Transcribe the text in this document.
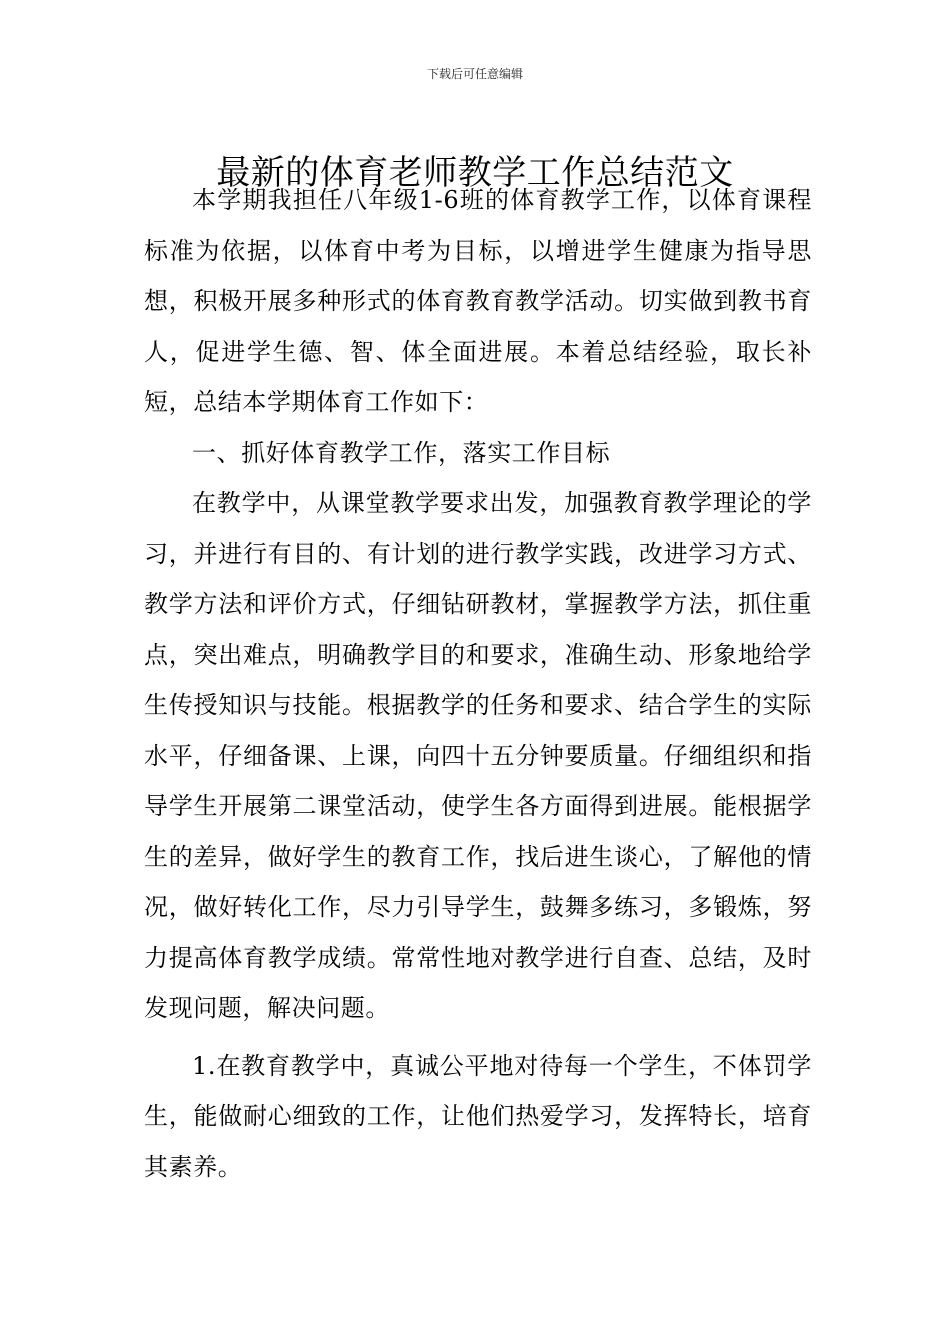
下载后可任意编辑
最新的体育老师教学工作总结范文

本学期我担任八年级1-6班的体育教学工作，以体育课程标准为依据，以体育中考为目标，以增进学生健康为指导思想，积极开展多种形式的体育教育教学活动。切实做到教书育人，促进学生德、智、体全面进展。本着总结经验，取长补短，总结本学期体育工作如下：

一、抓好体育教学工作，落实工作目标

在教学中，从课堂教学要求出发，加强教育教学理论的学习，并进行有目的、有计划的进行教学实践，改进学习方式、教学方法和评价方式，仔细钻研教材，掌握教学方法，抓住重点，突出难点，明确教学目的和要求，准确生动、形象地给学生传授知识与技能。根据教学的任务和要求、结合学生的实际水平，仔细备课、上课，向四十五分钟要质量。仔细组织和指导学生开展第二课堂活动，使学生各方面得到进展。能根据学生的差异，做好学生的教育工作，找后进生谈心，了解他的情况，做好转化工作，尽力引导学生，鼓舞多练习，多锻炼，努力提高体育教学成绩。常常性地对教学进行自查、总结，及时发现问题，解决问题。

1.在教育教学中，真诚公平地对待每一个学生，不体罚学生，能做耐心细致的工作，让他们热爱学习，发挥特长，培育其素养。
